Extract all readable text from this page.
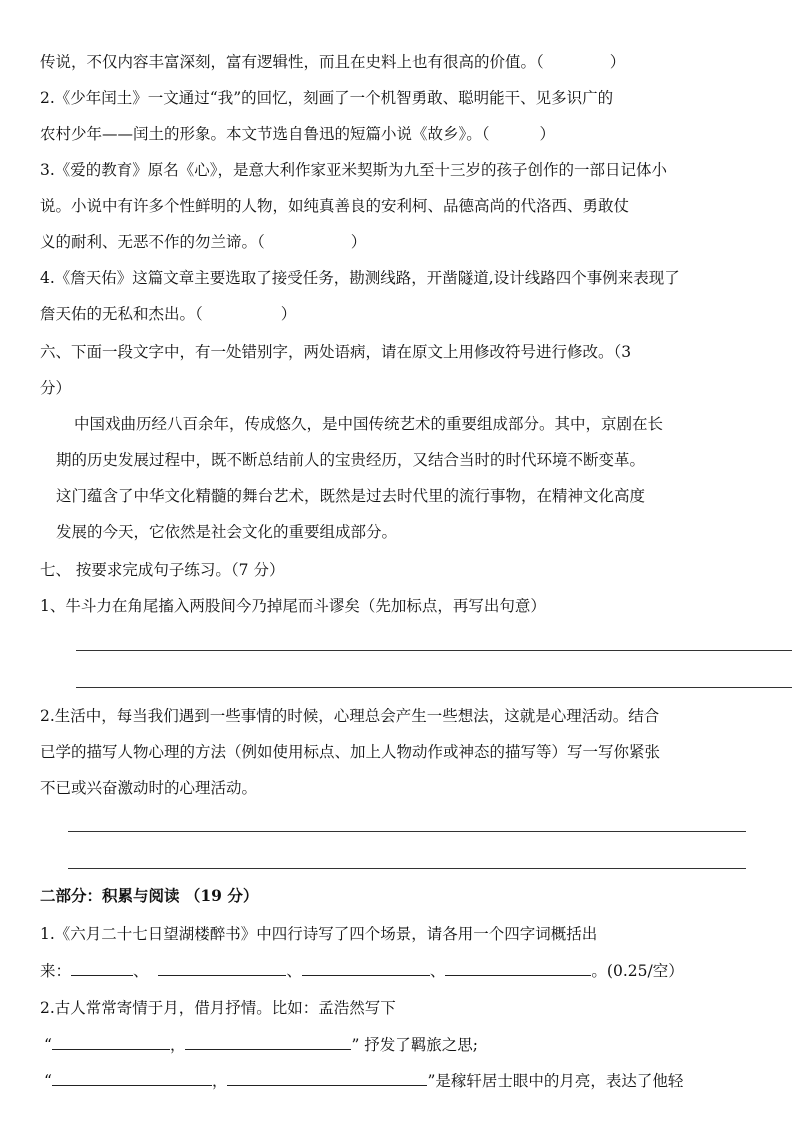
传说，不仅内容丰富深刻，富有逻辑性，而且在史料上也有很高的价值。（	）
2.《少年闰土》一文通过“我”的回忆，刻画了一个机智勇敢、聪明能干、见多识广的
农村少年——闰土的形象。本文节选自鲁迅的短篇小说《故乡》。（	）
3.《爱的教育》原名《心》，是意大利作家亚米契斯为九至十三岁的孩子创作的一部日记体小
说。小说中有许多个性鲜明的人物，如纯真善良的安利柯、品德高尚的代洛西、勇敢仗
义的耐利、无恶不作的勿兰谛。（	）
4.《詹天佑》这篇文章主要选取了接受任务，勘测线路，开凿隧道,设计线路四个事例来表现了
詹天佑的无私和杰出。（	）
六、下面一段文字中，有一处错别字，两处语病，请在原文上用修改符号进行修改。（3
分）
中国戏曲历经八百余年，传成悠久，是中国传统艺术的重要组成部分。其中，京剧在长
期的历史发展过程中，既不断总结前人的宝贵经历，又结合当时的时代环境不断变革。
这门蕴含了中华文化精髓的舞台艺术，既然是过去时代里的流行事物，在精神文化高度
发展的今天，它依然是社会文化的重要组成部分。
七、 按要求完成句子练习。（7 分）
1、牛斗力在角尾搐入两股间今乃掉尾而斗谬矣（先加标点，再写出句意）
2.生活中，每当我们遇到一些事情的时候，心理总会产生一些想法，这就是心理活动。结合
已学的描写人物心理的方法（例如使用标点、加上人物动作或神态的描写等）写一写你紧张
不已或兴奋激动时的心理活动。
二部分：积累与阅读 （19 分）
1.《六月二十七日望湖楼醉书》中四行诗写了四个场景，请各用一个四字词概括出
来：	、	、	、	。(0.25/空）
2.古人常常寄情于月，借月抒情。比如：孟浩然写下
“	，	” 抒发了羁旅之思;
“	，	”是稼轩居士眼中的月亮，表达了他轻
